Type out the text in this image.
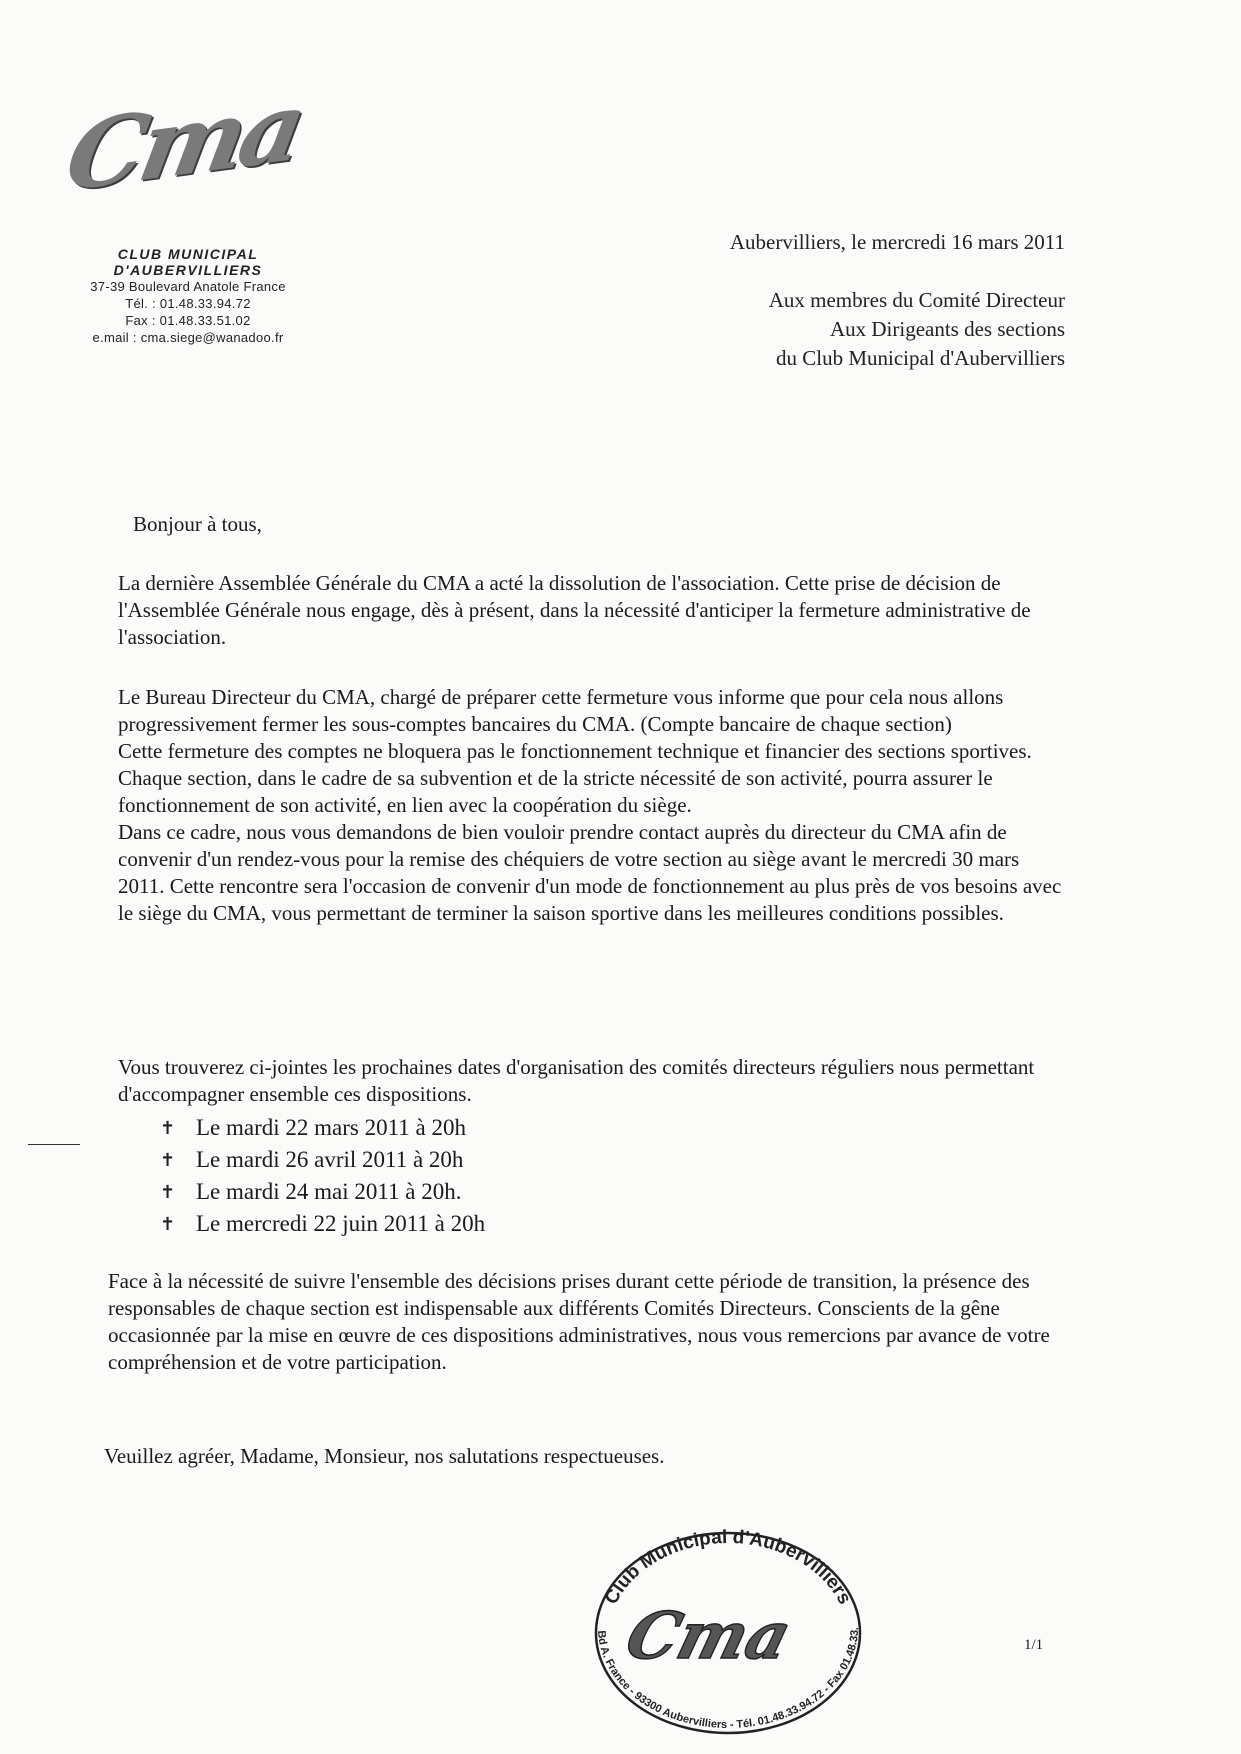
Cma
CLUB MUNICIPAL D'AUBERVILLIERS
37-39 Boulevard Anatole France
Tél. : 01.48.33.94.72
Fax : 01.48.33.51.02
e.mail : cma.siege@wanadoo.fr
Aubervilliers, le mercredi 16 mars 2011
Aux membres du Comité Directeur
Aux Dirigeants des sections
du Club Municipal d'Aubervilliers
Bonjour à tous,

La dernière Assemblée Générale du CMA a acté la dissolution de l'association. Cette prise de décision de l'Assemblée Générale nous engage, dès à présent, dans la nécessité d'anticiper la fermeture administrative de l'association.

Le Bureau Directeur du CMA, chargé de préparer cette fermeture vous informe que pour cela nous allons progressivement fermer les sous-comptes bancaires du CMA. (Compte bancaire de chaque section)

Cette fermeture des comptes ne bloquera pas le fonctionnement technique et financier des sections sportives. Chaque section, dans le cadre de sa subvention et de la stricte nécessité de son activité, pourra assurer le fonctionnement de son activité, en lien avec la coopération du siège.

Dans ce cadre, nous vous demandons de bien vouloir prendre contact auprès du directeur du CMA afin de convenir d'un rendez-vous pour la remise des chéquiers de votre section au siège avant le mercredi 30 mars 2011. Cette rencontre sera l'occasion de convenir d'un mode de fonctionnement au plus près de vos besoins avec le siège du CMA, vous permettant de terminer la saison sportive dans les meilleures conditions possibles.

Vous trouverez ci-jointes les prochaines dates d'organisation des comités directeurs réguliers nous permettant d'accompagner ensemble ces dispositions.

✝ Le mardi 22 mars 2011 à 20h
✝ Le mardi 26 avril 2011 à 20h
✝ Le mardi 24 mai 2011 à 20h.
✝ Le mercredi 22 juin 2011 à 20h

Face à la nécessité de suivre l'ensemble des décisions prises durant cette période de transition, la présence des responsables de chaque section est indispensable aux différents Comités Directeurs. Conscients de la gêne occasionnée par la mise en œuvre de ces dispositions administratives, nous vous remercions par avance de votre compréhension et de votre participation.

Veuillez agréer, Madame, Monsieur, nos salutations respectueuses.
Club Municipal d'Aubervilliers
Bd A. France - 93300 Aubervilliers - Tél. 01.48.33.94.72 - Fax 01.48.33.
Cma	1/1
